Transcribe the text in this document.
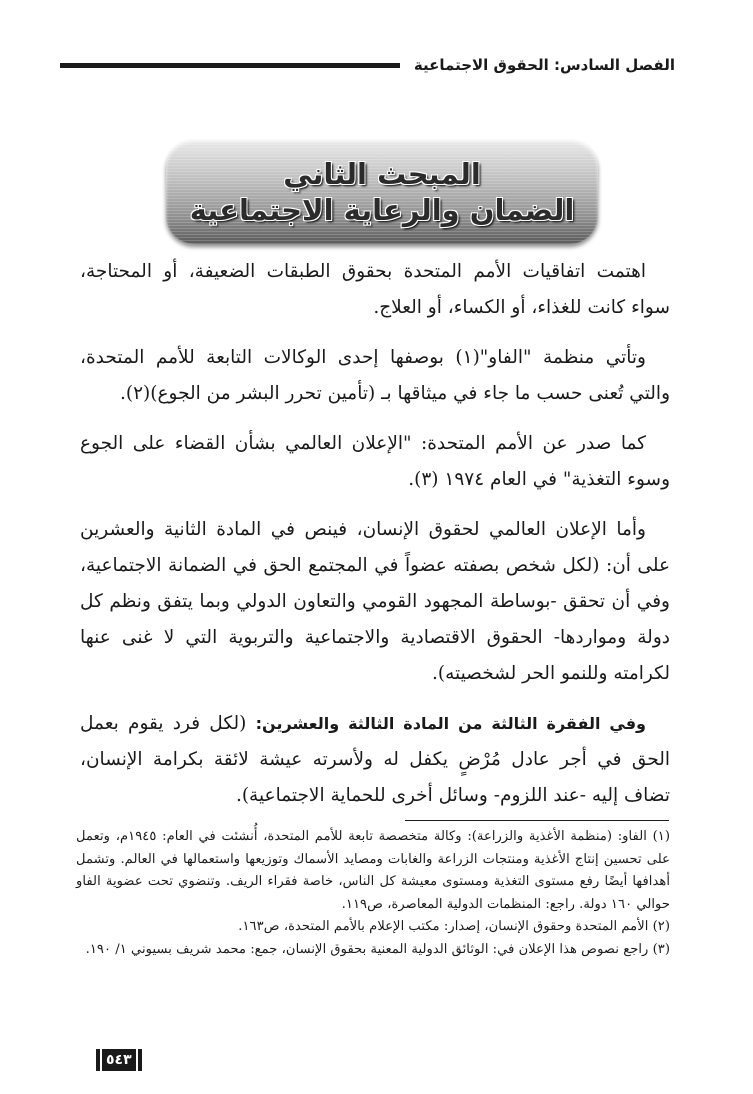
الفصل السادس: الحقوق الاجتماعية
المبحث الثاني
الضمان والرعاية الاجتماعية

اهتمت اتفاقيات الأمم المتحدة بحقوق الطبقات الضعيفة، أو المحتاجة، سواء كانت للغذاء، أو الكساء، أو العلاج.

وتأتي منظمة "الفاو"(١) بوصفها إحدى الوكالات التابعة للأمم المتحدة، والتي تُعنى حسب ما جاء في ميثاقها بـ (تأمين تحرر البشر من الجوع)(٢).

كما صدر عن الأمم المتحدة: "الإعلان العالمي بشأن القضاء على الجوع وسوء التغذية" في العام ١٩٧٤ (٣).

وأما الإعلان العالمي لحقوق الإنسان، فينص في المادة الثانية والعشرين على أن: (لكل شخص بصفته عضواً في المجتمع الحق في الضمانة الاجتماعية، وفي أن تحقق -بوساطة المجهود القومي والتعاون الدولي وبما يتفق ونظم كل دولة ومواردها- الحقوق الاقتصادية والاجتماعية والتربوية التي لا غنى عنها لكرامته وللنمو الحر لشخصيته).

وفي الفقرة الثالثة من المادة الثالثة والعشرين: (لكل فرد يقوم بعمل الحق في أجر عادل مُرْضٍ يكفل له ولأسرته عيشة لائقة بكرامة الإنسان، تضاف إليه -عند اللزوم- وسائل أخرى للحماية الاجتماعية).

(١) الفاو: (منظمة الأغذية والزراعة): وكالة متخصصة تابعة للأمم المتحدة، أُنشئت في العام: ١٩٤٥م، وتعمل على تحسين إنتاج الأغذية ومنتجات الزراعة والغابات ومصايد الأسماك وتوزيعها واستعمالها في العالم. وتشمل أهدافها أيضًا رفع مستوى التغذية ومستوى معيشة كل الناس، خاصة فقراء الريف. وتنضوي تحت عضوية الفاو حوالي ١٦٠ دولة. راجع: المنظمات الدولية المعاصرة، ص١١٩.

(٢) الأمم المتحدة وحقوق الإنسان، إصدار: مكتب الإعلام بالأمم المتحدة، ص١٦٣.

(٣) راجع نصوص هذا الإعلان في: الوثائق الدولية المعنية بحقوق الإنسان، جمع: محمد شريف بسيوني ١/ ١٩٠.

٥٤٣
